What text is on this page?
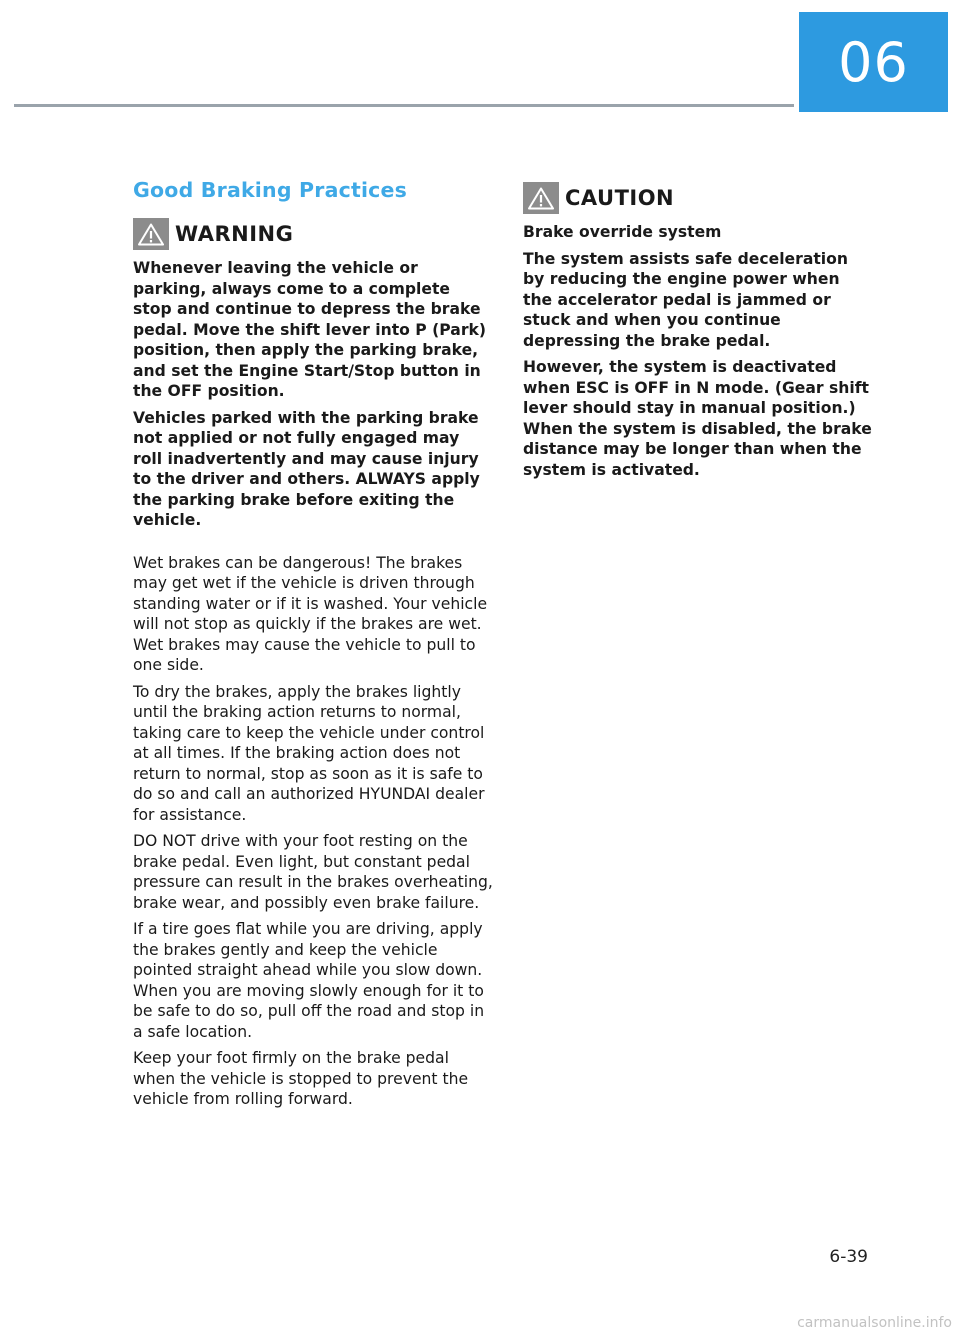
06
Good Braking Practices
WARNING

Whenever leaving the vehicle or parking, always come to a complete stop and continue to depress the brake pedal. Move the shift lever into P (Park) position, then apply the parking brake, and set the Engine Start/Stop button in the OFF position.

Vehicles parked with the parking brake not applied or not fully engaged may roll inadvertently and may cause injury to the driver and others. ALWAYS apply the parking brake before exiting the vehicle.

Wet brakes can be dangerous! The brakes may get wet if the vehicle is driven through standing water or if it is washed. Your vehicle will not stop as quickly if the brakes are wet. Wet brakes may cause the vehicle to pull to one side.

To dry the brakes, apply the brakes lightly until the braking action returns to normal, taking care to keep the vehicle under control at all times. If the braking action does not return to normal, stop as soon as it is safe to do so and call an authorized HYUNDAI dealer for assistance.

DO NOT drive with your foot resting on the brake pedal. Even light, but constant pedal pressure can result in the brakes overheating, brake wear, and possibly even brake failure.

If a tire goes flat while you are driving, apply the brakes gently and keep the vehicle pointed straight ahead while you slow down. When you are moving slowly enough for it to be safe to do so, pull off the road and stop in a safe location.

Keep your foot firmly on the brake pedal when the vehicle is stopped to prevent the vehicle from rolling forward.

CAUTION

Brake override system

The system assists safe deceleration by reducing the engine power when the accelerator pedal is jammed or stuck and when you continue depressing the brake pedal.

However, the system is deactivated when ESC is OFF in N mode. (Gear shift lever should stay in manual position.) When the system is disabled, the brake distance may be longer than when the system is activated.

6-39
carmanualsonline.info
